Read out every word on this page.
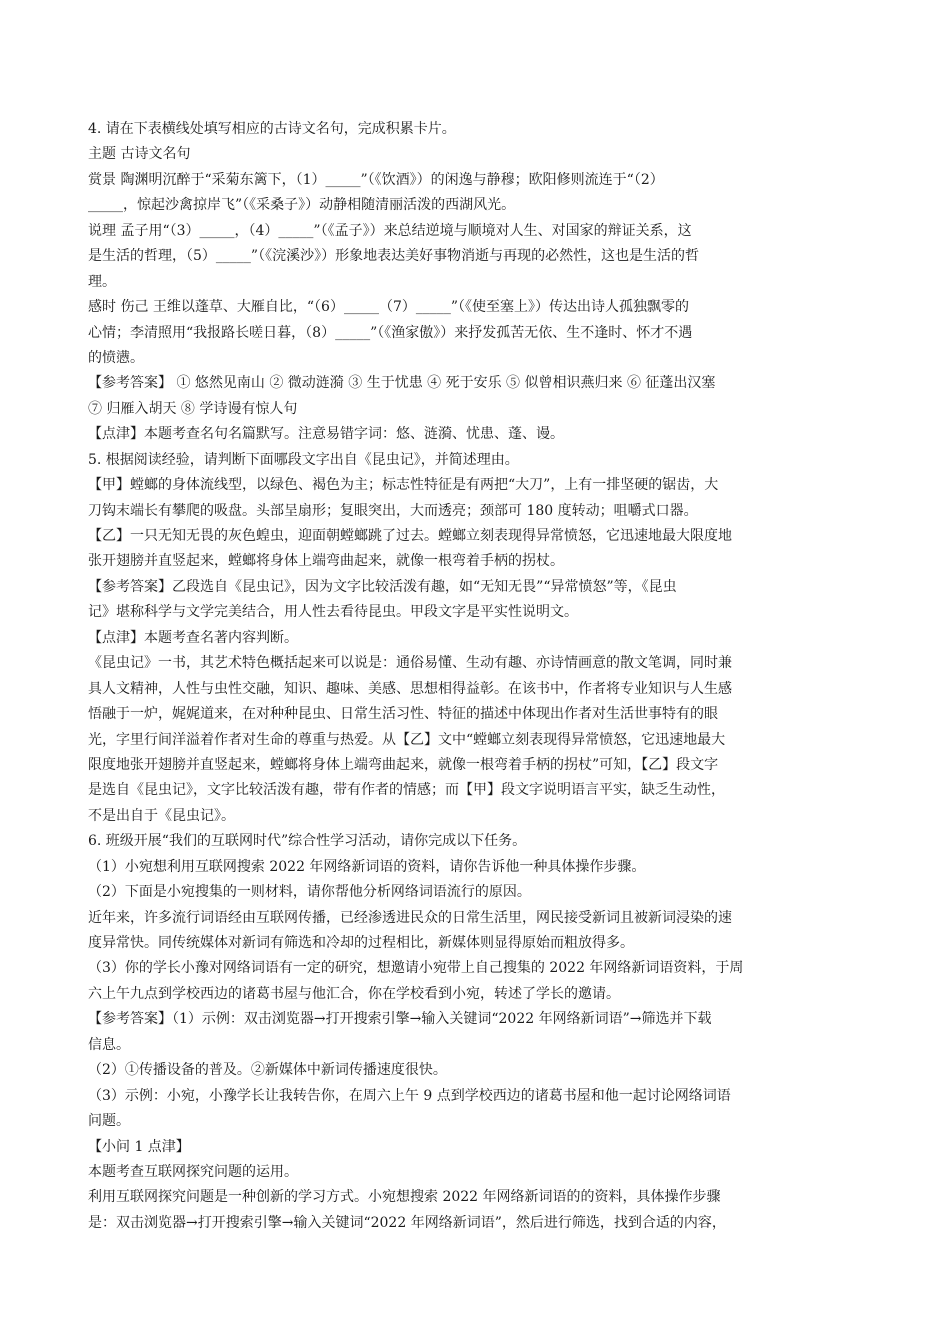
4. 请在下表横线处填写相应的古诗文名句，完成积累卡片。
主题 古诗文名句
赏景 陶渊明沉醉于“采菊东篱下，（1）_____”（《饮酒》）的闲逸与静穆；欧阳修则流连于“（2）
_____，惊起沙禽掠岸飞”（《采桑子》）动静相随清丽活泼的西湖风光。
说理 孟子用“（3）_____，（4）_____”（《孟子》）来总结逆境与顺境对人生、对国家的辩证关系，这
是生活的哲理，（5）_____”（《浣溪沙》）形象地表达美好事物消逝与再现的必然性，这也是生活的哲
理。
感时 伤己 王维以蓬草、大雁自比，“（6）_____（7）_____”（《使至塞上》）传达出诗人孤独飘零的
心情；李清照用“我报路长嗟日暮，（8）_____”（《渔家傲》）来抒发孤苦无依、生不逢时、怀才不遇
的愤懑。
【参考答案】 ① 悠然见南山 ② 微动涟漪 ③ 生于忧患 ④ 死于安乐 ⑤ 似曾相识燕归来 ⑥ 征蓬出汉塞
⑦ 归雁入胡天 ⑧ 学诗谩有惊人句
【点津】本题考查名句名篇默写。注意易错字词：悠、涟漪、忧患、蓬、谩。
5. 根据阅读经验，请判断下面哪段文字出自《昆虫记》，并简述理由。
【甲】螳螂的身体流线型，以绿色、褐色为主；标志性特征是有两把“大刀”，上有一排坚硬的锯齿，大
刀钩末端长有攀爬的吸盘。头部呈扇形；复眼突出，大而透亮；颈部可 180 度转动；咀嚼式口器。
【乙】一只无知无畏的灰色蝗虫，迎面朝螳螂跳了过去。螳螂立刻表现得异常愤怒，它迅速地最大限度地
张开翅膀并直竖起来，螳螂将身体上端弯曲起来，就像一根弯着手柄的拐杖。
【参考答案】乙段选自《昆虫记》，因为文字比较活泼有趣，如“无知无畏”“异常愤怒”等，《昆虫
记》堪称科学与文学完美结合，用人性去看待昆虫。甲段文字是平实性说明文。
【点津】本题考查名著内容判断。
《昆虫记》一书，其艺术特色概括起来可以说是：通俗易懂、生动有趣、亦诗情画意的散文笔调，同时兼
具人文精神，人性与虫性交融，知识、趣味、美感、思想相得益彰。在该书中，作者将专业知识与人生感
悟融于一炉，娓娓道来，在对种种昆虫、日常生活习性、特征的描述中体现出作者对生活世事特有的眼
光，字里行间洋溢着作者对生命的尊重与热爱。从【乙】文中“螳螂立刻表现得异常愤怒，它迅速地最大
限度地张开翅膀并直竖起来，螳螂将身体上端弯曲起来，就像一根弯着手柄的拐杖”可知，【乙】段文字
是选自《昆虫记》，文字比较活泼有趣，带有作者的情感；而【甲】段文字说明语言平实，缺乏生动性，
不是出自于《昆虫记》。
6. 班级开展“我们的互联网时代”综合性学习活动，请你完成以下任务。
（1）小宛想利用互联网搜索 2022 年网络新词语的资料，请你告诉他一种具体操作步骤。
（2）下面是小宛搜集的一则材料，请你帮他分析网络词语流行的原因。
近年来，许多流行词语经由互联网传播，已经渗透进民众的日常生活里，网民接受新词且被新词浸染的速
度异常快。同传统媒体对新词有筛选和冷却的过程相比，新媒体则显得原始而粗放得多。
（3）你的学长小豫对网络词语有一定的研究，想邀请小宛带上自己搜集的 2022 年网络新词语资料，于周
六上午九点到学校西边的诸葛书屋与他汇合，你在学校看到小宛，转述了学长的邀请。
【参考答案】（1）示例：双击浏览器→打开搜索引擎→输入关键词“2022 年网络新词语”→筛选并下载
信息。
（2）①传播设备的普及。②新媒体中新词传播速度很快。
（3）示例：小宛，小豫学长让我转告你，在周六上午 9 点到学校西边的诸葛书屋和他一起讨论网络词语
问题。
【小问 1 点津】
本题考查互联网探究问题的运用。
利用互联网探究问题是一种创新的学习方式。小宛想搜索 2022 年网络新词语的的资料，具体操作步骤
是：双击浏览器→打开搜索引擎→输入关键词“2022 年网络新词语”，然后进行筛选，找到合适的内容，
